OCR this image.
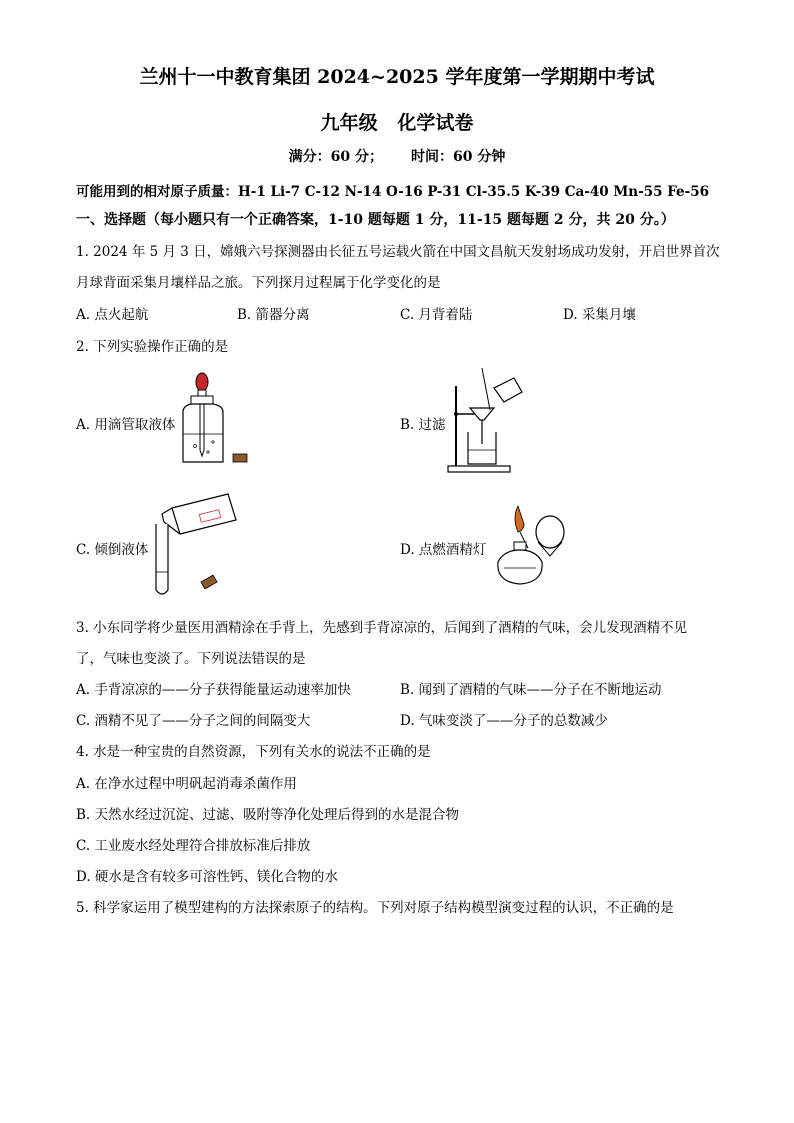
兰州十一中教育集团 2024~2025 学年度第一学期期中考试
九年级   化学试卷
满分：60 分； 时间：60 分钟
可能用到的相对原子质量：H-1 Li-7 C-12 N-14 O-16 P-31 Cl-35.5 K-39 Ca-40 Mn-55 Fe-56
一、选择题（每小题只有一个正确答案，1-10 题每题 1 分，11-15 题每题 2 分，共 20 分。）
1. 2024 年 5 月 3 日，嫦娥六号探测器由长征五号运载火箭在中国文昌航天发射场成功发射，开启世界首次
月球背面采集月壤样品之旅。下列探月过程属于化学变化的是
A. 点火起航	B. 箭器分离	C. 月背着陆	D. 采集月壤
2. 下列实验操作正确的是
A. 用滴管取液体	B. 过滤
C. 倾倒液体	D. 点燃酒精灯
3. 小东同学将少量医用酒精涂在手背上，先感到手背凉凉的，后闻到了酒精的气味，会儿发现酒精不见
了，气味也变淡了。下列说法错误的是
A. 手背凉凉的——分子获得能量运动速率加快	B. 闻到了酒精的气味——分子在不断地运动
C. 酒精不见了——分子之间的间隔变大	D. 气味变淡了——分子的总数减少
4. 水是一种宝贵的自然资源，下列有关水的说法不正确的是
A. 在净水过程中明矾起消毒杀菌作用
B. 天然水经过沉淀、过滤、吸附等净化处理后得到的水是混合物
C. 工业废水经处理符合排放标准后排放
D. 硬水是含有较多可溶性钙、镁化合物的水
5. 科学家运用了模型建构的方法探索原子的结构。下列对原子结构模型演变过程的认识，不正确的是
